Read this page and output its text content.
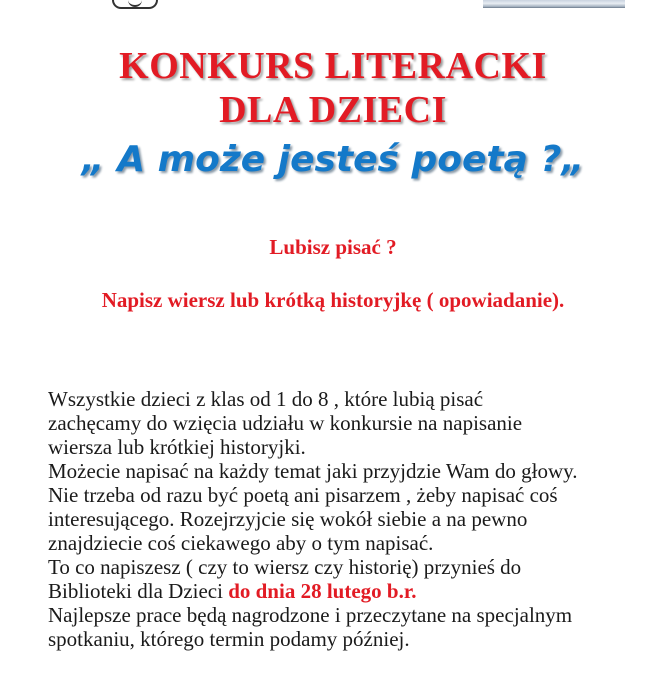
KONKURS LITERACKI
DLA DZIECI
„ A może jesteś poetą ?„

Lubisz pisać ?

Napisz wiersz lub krótką historyjkę ( opowiadanie).

Wszystkie dzieci z klas od 1 do 8 , które lubią pisać
zachęcamy do wzięcia udziału w konkursie na napisanie
wiersza lub krótkiej historyjki.
Możecie napisać na każdy temat jaki przyjdzie Wam do głowy.
Nie trzeba od razu być poetą ani pisarzem , żeby napisać coś
interesującego. Rozejrzyjcie się wokół siebie a na pewno
znajdziecie coś ciekawego aby o tym napisać.
To co napiszesz ( czy to wiersz czy historię) przynieś do
Biblioteki dla Dzieci do dnia 28 lutego b.r.
Najlepsze prace będą nagrodzone i przeczytane na specjalnym
spotkaniu, którego termin podamy później.
